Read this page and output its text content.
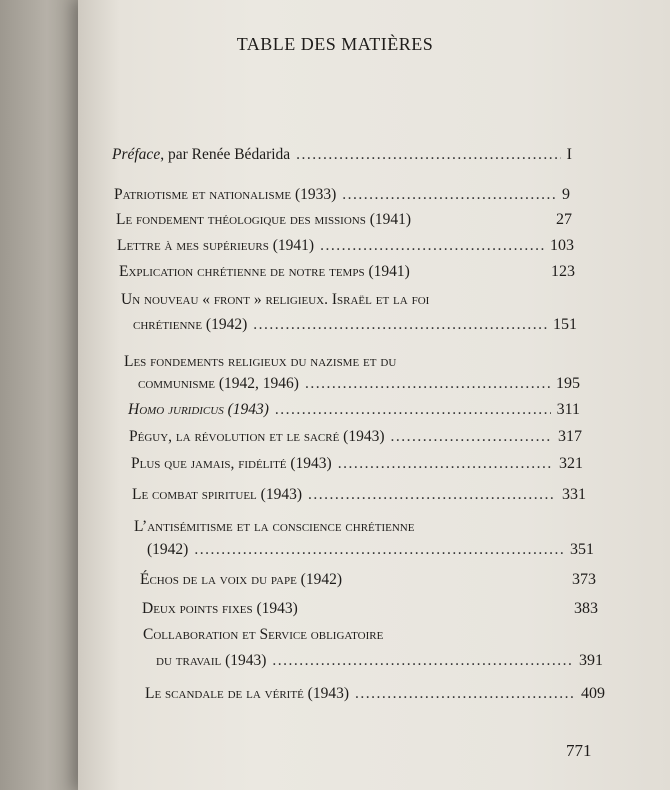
TABLE DES MATIÈRES
Préface, par Renée Bédarida .....	I
Patriotisme et nationalisme (1933) .....	9
Le fondement théologique des missions (1941)	27
Lettre à mes supérieurs (1941) .....	103
Explication chrétienne de notre temps (1941)	123
Un nouveau « front » religieux. Israël et la foi
chrétienne (1942) .....	151
Les fondements religieux du nazisme et du
communisme (1942, 1946) .....	195
Homo juridicus (1943) .....	311
Péguy, la révolution et le sacré (1943) .....	317
Plus que jamais, fidélité (1943) .....	321
Le combat spirituel (1943) .....	331
L’antisémitisme et la conscience chrétienne
(1942) .....	351
Échos de la voix du pape (1942)	373
Deux points fixes (1943)	383
Collaboration et Service obligatoire
du travail (1943) .....	391
Le scandale de la vérité (1943) .....	409
771
